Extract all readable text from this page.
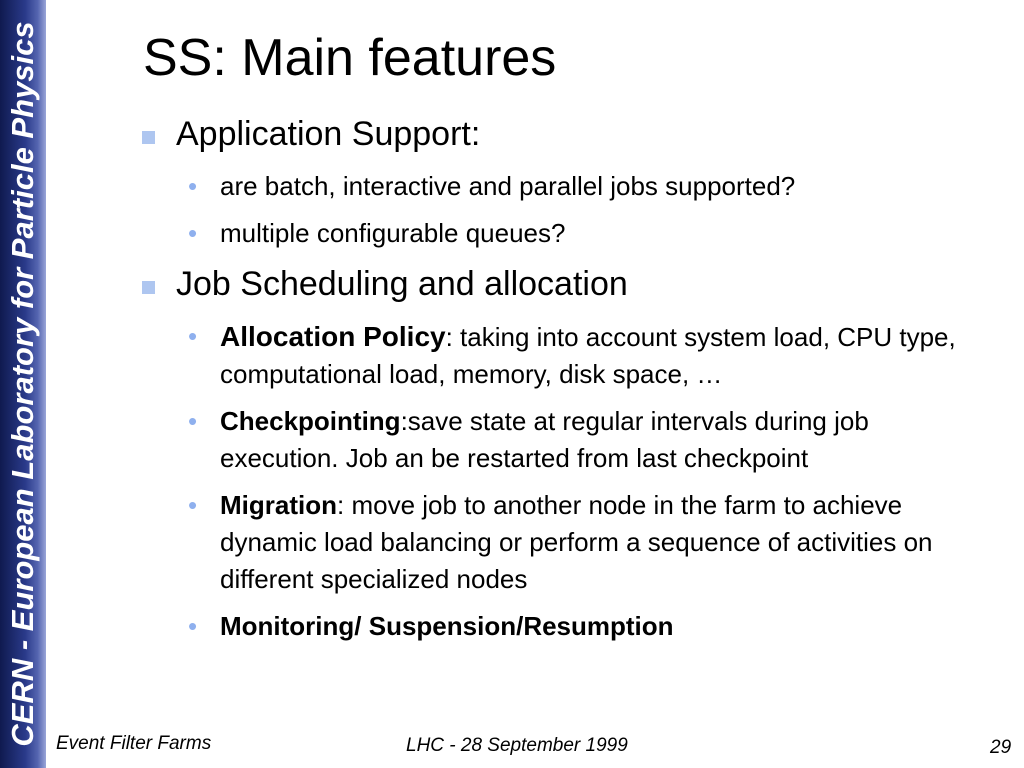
CERN - European Laboratory for Particle Physics SS: Main features
Application Support:
• are batch, interactive and parallel jobs supported?
• multiple configurable queues?
Job Scheduling and allocation
• Allocation Policy: taking into account system load, CPU type, computational load, memory, disk space, …
• Checkpointing:save state at regular intervals during job execution. Job an be restarted from last checkpoint
• Migration: move job to another node in the farm to achieve dynamic load balancing or perform a sequence of activities on different specialized nodes
• Monitoring/ Suspension/Resumption
Event Filter Farms	LHC - 28 September 1999	29
